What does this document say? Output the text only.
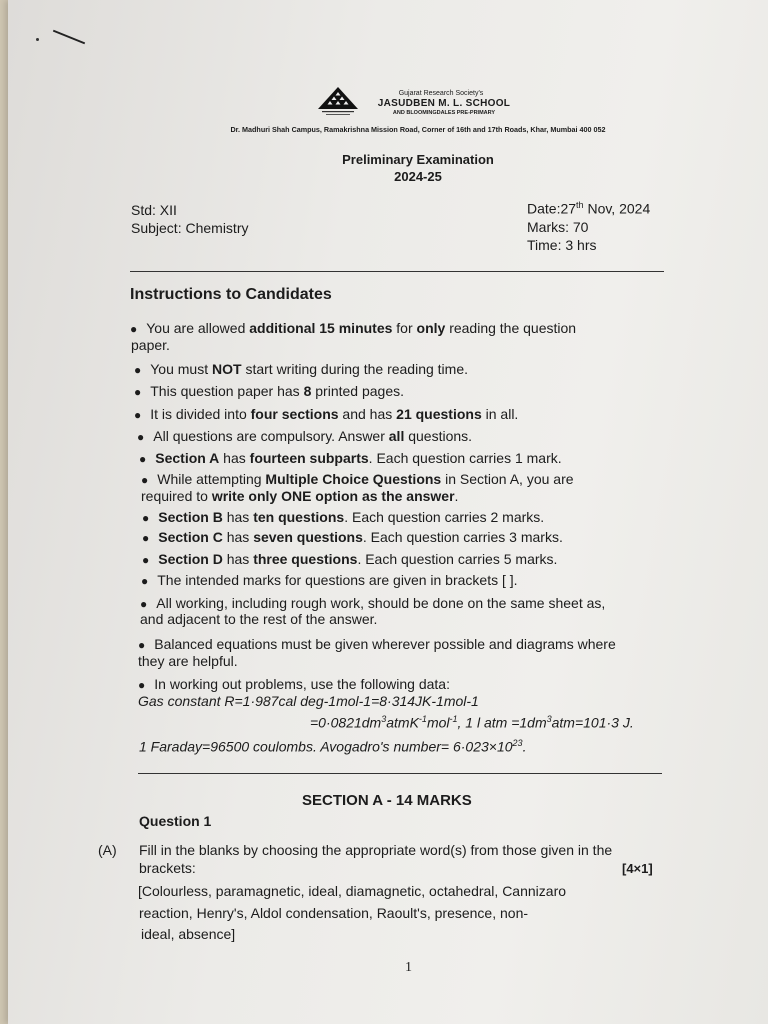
Gujarat Research Society's
JASUDBEN M. L. SCHOOL
AND BLOOMINGDALES PRE-PRIMARY
Dr. Madhuri Shah Campus, Ramakrishna Mission Road, Corner of 16th and 17th Roads, Khar, Mumbai 400 052
Preliminary Examination
2024-25
Std: XII
Subject: Chemistry
Date:27th Nov, 2024
Marks: 70
Time: 3 hrs
Instructions to Candidates
● You are allowed additional 15 minutes for only reading the question
paper.
● You must NOT start writing during the reading time.
● This question paper has 8 printed pages.
● It is divided into four sections and has 21 questions in all.
● All questions are compulsory. Answer all questions.
● Section A has fourteen subparts. Each question carries 1 mark.
● While attempting Multiple Choice Questions in Section A, you are
required to write only ONE option as the answer.
● Section B has ten questions. Each question carries 2 marks.
● Section C has seven questions. Each question carries 3 marks.
● Section D has three questions. Each question carries 5 marks.
● The intended marks for questions are given in brackets [ ].
● All working, including rough work, should be done on the same sheet as,
and adjacent to the rest of the answer.
● Balanced equations must be given wherever possible and diagrams where
they are helpful.
● In working out problems, use the following data:
Gas constant R=1·987cal deg-1mol-1=8·314JK-1mol-1
$=0\cdot 0821dm^3atmK^{-1}mol^{-1}$, 1 l atm $=1dm^3atm=101\cdot 3$ J.
1 Faraday=96500 coulombs. Avogadro's number= $6\cdot 023\times 10^{23}$.
SECTION A - 14 MARKS
Question 1
(A) Fill in the blanks by choosing the appropriate word(s) from those given in the
brackets:	[4×1]
[Colourless, paramagnetic, ideal, diamagnetic, octahedral, Cannizaro
reaction, Henry's, Aldol condensation, Raoult's, presence, non-
ideal, absence]
1
